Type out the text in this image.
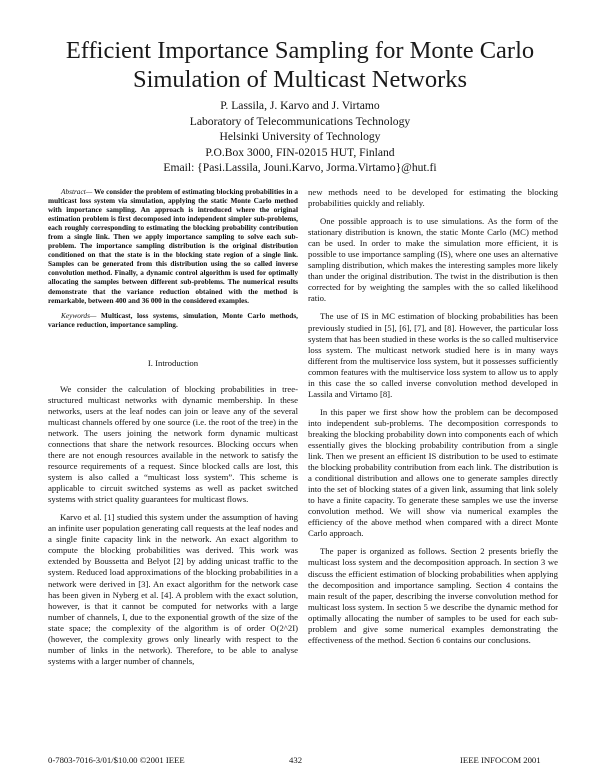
Efficient Importance Sampling for Monte Carlo
Simulation of Multicast Networks
P. Lassila, J. Karvo and J. Virtamo
Laboratory of Telecommunications Technology
Helsinki University of Technology
P.O.Box 3000, FIN-02015 HUT, Finland
Email: {Pasi.Lassila, Jouni.Karvo, Jorma.Virtamo}@hut.fi

Abstract— We consider the problem of estimating blocking probabilities in a multicast loss system via simulation, applying the static Monte Carlo method with importance sampling. An approach is introduced where the original estimation problem is first decomposed into independent simpler sub-problems, each roughly corresponding to estimating the blocking probability contribution from a single link. Then we apply importance sampling to solve each sub-problem. The importance sampling distribution is the original distribution conditioned on that the state is in the blocking state region of a single link. Samples can be generated from this distribution using the so called inverse convolution method. Finally, a dynamic control algorithm is used for optimally allocating the samples between different sub-problems. The numerical results demonstrate that the variance reduction obtained with the method is remarkable, between 400 and 36 000 in the considered examples.

Keywords— Multicast, loss systems, simulation, Monte Carlo methods, variance reduction, importance sampling.

I. Introduction

We consider the calculation of blocking probabilities in tree-structured multicast networks with dynamic membership. In these networks, users at the leaf nodes can join or leave any of the several multicast channels offered by one source (i.e. the root of the tree) in the network. The users joining the network form dynamic multicast connections that share the network resources. Blocking occurs when there are not enough resources available in the network to satisfy the resource requirements of a request. Since blocked calls are lost, this system is also called a “multicast loss system”. This scheme is applicable to circuit switched systems as well as packet switched systems with strict quality guarantees for multicast flows.

Karvo et al. [1] studied this system under the assumption of having an infinite user population generating call requests at the leaf nodes and a single finite capacity link in the network. An exact algorithm to compute the blocking probabilities was derived. This work was extended by Boussetta and Belyot [2] by adding unicast traffic to the system. Reduced load approximations of the blocking probabilities in a network were derived in [3]. An exact algorithm for the network case has been given in Nyberg et al. [4]. A problem with the exact solution, however, is that it cannot be computed for networks with a large number of channels, I, due to the exponential growth of the size of the state space; the complexity of the algorithm is of order O(2^2I) (however, the complexity grows only linearly with respect to the number of links in the network). Therefore, to be able to analyse systems with a larger number of channels,

new methods need to be developed for estimating the blocking probabilities quickly and reliably.

One possible approach is to use simulations. As the form of the stationary distribution is known, the static Monte Carlo (MC) method can be used. In order to make the simulation more efficient, it is possible to use importance sampling (IS), where one uses an alternative sampling distribution, which makes the interesting samples more likely than under the original distribution. The twist in the distribution is then corrected for by weighting the samples with the so called likelihood ratio.

The use of IS in MC estimation of blocking probabilities has been previously studied in [5], [6], [7], and [8]. However, the particular loss system that has been studied in these works is the so called multiservice loss system. The multicast network studied here is in many ways different from the multiservice loss system, but it possesses sufficiently common features with the multiservice loss system to allow us to apply in this case the so called inverse convolution method developed in Lassila and Virtamo [8].

In this paper we first show how the problem can be decomposed into independent sub-problems. The decomposition corresponds to breaking the blocking probability down into components each of which essentially gives the blocking probability contribution from a single link. Then we present an efficient IS distribution to be used to estimate the blocking probability contribution from each link. The distribution is a conditional distribution and allows one to generate samples directly into the set of blocking states of a given link, assuming that link solely to have a finite capacity. To generate these samples we use the inverse convolution method. We will show via numerical examples the efficiency of the above method when compared with a direct Monte Carlo approach.

The paper is organized as follows. Section 2 presents briefly the multicast loss system and the decomposition approach. In section 3 we discuss the efficient estimation of blocking probabilities when applying the decomposition and importance sampling. Section 4 contains the main result of the paper, describing the inverse convolution method for multicast loss system. In section 5 we describe the dynamic method for optimally allocating the number of samples to be used for each sub-problem and give some numerical examples demonstrating the effectiveness of the method. Section 6 contains our conclusions.

0-7803-7016-3/01/$10.00 ©2001 IEEE	432	IEEE INFOCOM 2001
